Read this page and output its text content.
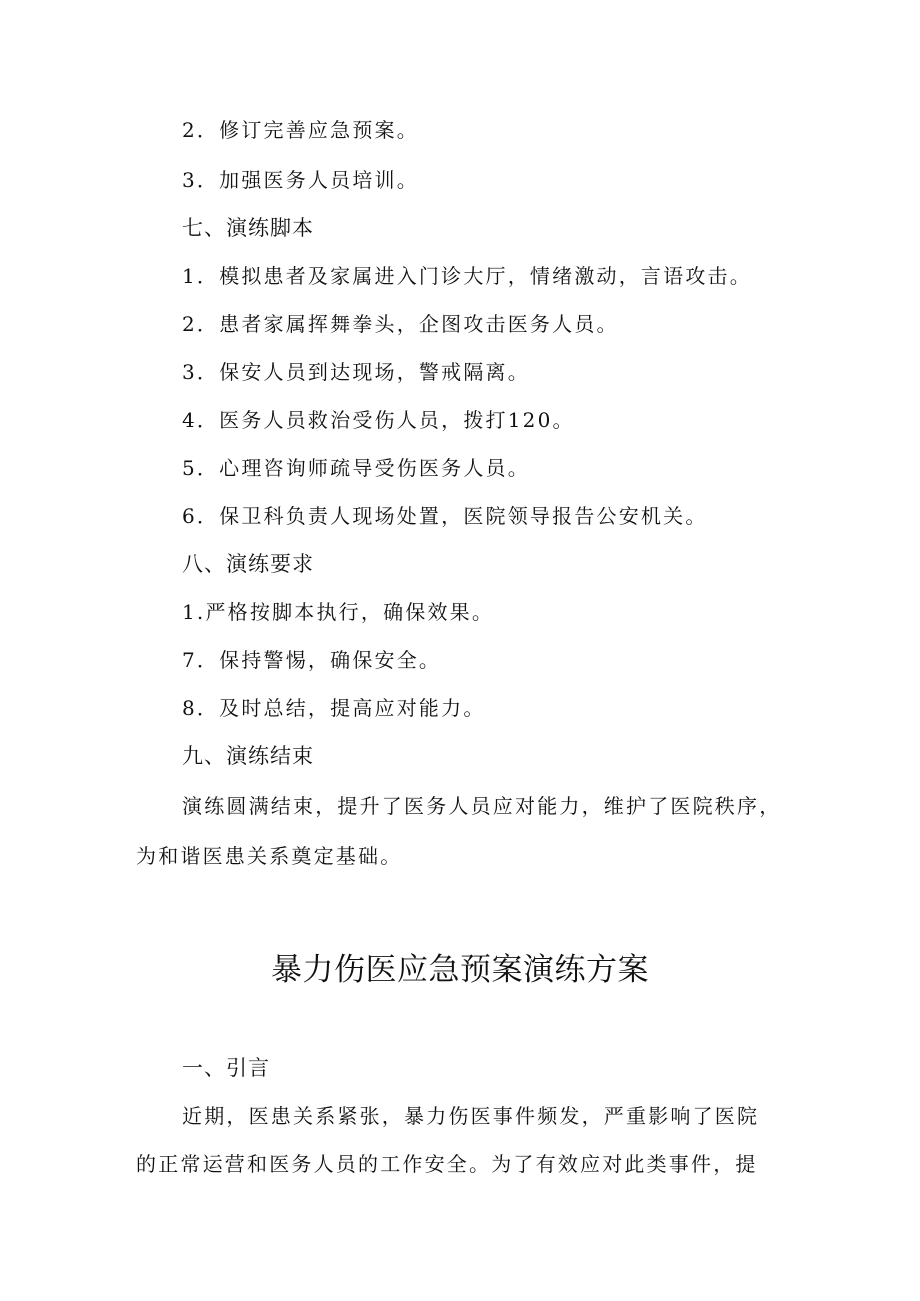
2．修订完善应急预案。
3．加强医务人员培训。
七、演练脚本
1．模拟患者及家属进入门诊大厅，情绪激动，言语攻击。
2．患者家属挥舞拳头，企图攻击医务人员。
3．保安人员到达现场，警戒隔离。
4．医务人员救治受伤人员，拨打120。
5．心理咨询师疏导受伤医务人员。
6．保卫科负责人现场处置，医院领导报告公安机关。
八、演练要求
1.严格按脚本执行，确保效果。
7．保持警惕，确保安全。
8．及时总结，提高应对能力。
九、演练结束
演练圆满结束，提升了医务人员应对能力，维护了医院秩序，
为和谐医患关系奠定基础。
暴力伤医应急预案演练方案
一、引言
近期，医患关系紧张，暴力伤医事件频发，严重影响了医院
的正常运营和医务人员的工作安全。为了有效应对此类事件，提
